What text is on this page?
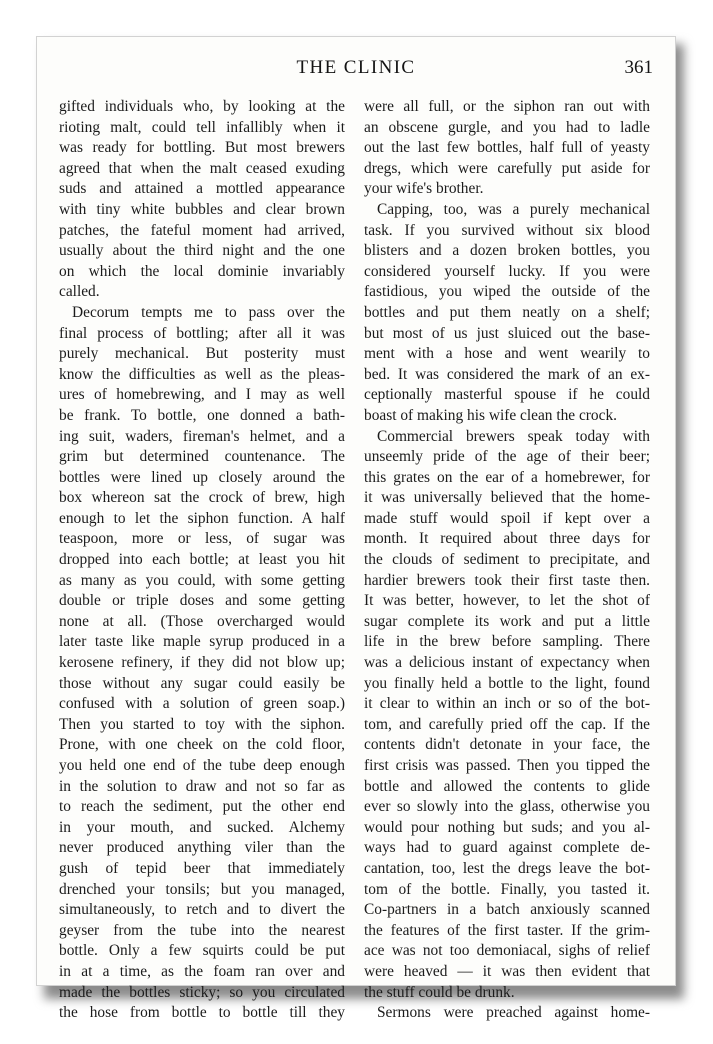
THE CLINIC	361
gifted individuals who, by looking at the
rioting malt, could tell infallibly when it
was ready for bottling. But most brewers
agreed that when the malt ceased exuding
suds and attained a mottled appearance
with tiny white bubbles and clear brown
patches, the fateful moment had arrived,
usually about the third night and the one
on which the local dominie invariably
called.
Decorum tempts me to pass over the
final process of bottling; after all it was
purely mechanical. But posterity must
know the difficulties as well as the pleas-
ures of homebrewing, and I may as well
be frank. To bottle, one donned a bath-
ing suit, waders, fireman's helmet, and a
grim but determined countenance. The
bottles were lined up closely around the
box whereon sat the crock of brew, high
enough to let the siphon function. A half
teaspoon, more or less, of sugar was
dropped into each bottle; at least you hit
as many as you could, with some getting
double or triple doses and some getting
none at all. (Those overcharged would
later taste like maple syrup produced in a
kerosene refinery, if they did not blow up;
those without any sugar could easily be
confused with a solution of green soap.)
Then you started to toy with the siphon.
Prone, with one cheek on the cold floor,
you held one end of the tube deep enough
in the solution to draw and not so far as
to reach the sediment, put the other end
in your mouth, and sucked. Alchemy
never produced anything viler than the
gush of tepid beer that immediately
drenched your tonsils; but you managed,
simultaneously, to retch and to divert the
geyser from the tube into the nearest
bottle. Only a few squirts could be put
in at a time, as the foam ran over and
made the bottles sticky; so you circulated
the hose from bottle to bottle till they
were all full, or the siphon ran out with
an obscene gurgle, and you had to ladle
out the last few bottles, half full of yeasty
dregs, which were carefully put aside for
your wife's brother.
Capping, too, was a purely mechanical
task. If you survived without six blood
blisters and a dozen broken bottles, you
considered yourself lucky. If you were
fastidious, you wiped the outside of the
bottles and put them neatly on a shelf;
but most of us just sluiced out the base-
ment with a hose and went wearily to
bed. It was considered the mark of an ex-
ceptionally masterful spouse if he could
boast of making his wife clean the crock.
Commercial brewers speak today with
unseemly pride of the age of their beer;
this grates on the ear of a homebrewer, for
it was universally believed that the home-
made stuff would spoil if kept over a
month. It required about three days for
the clouds of sediment to precipitate, and
hardier brewers took their first taste then.
It was better, however, to let the shot of
sugar complete its work and put a little
life in the brew before sampling. There
was a delicious instant of expectancy when
you finally held a bottle to the light, found
it clear to within an inch or so of the bot-
tom, and carefully pried off the cap. If the
contents didn't detonate in your face, the
first crisis was passed. Then you tipped the
bottle and allowed the contents to glide
ever so slowly into the glass, otherwise you
would pour nothing but suds; and you al-
ways had to guard against complete de-
cantation, too, lest the dregs leave the bot-
tom of the bottle. Finally, you tasted it.
Co-partners in a batch anxiously scanned
the features of the first taster. If the grim-
ace was not too demoniacal, sighs of relief
were heaved — it was then evident that
the stuff could be drunk.
Sermons were preached against home-
